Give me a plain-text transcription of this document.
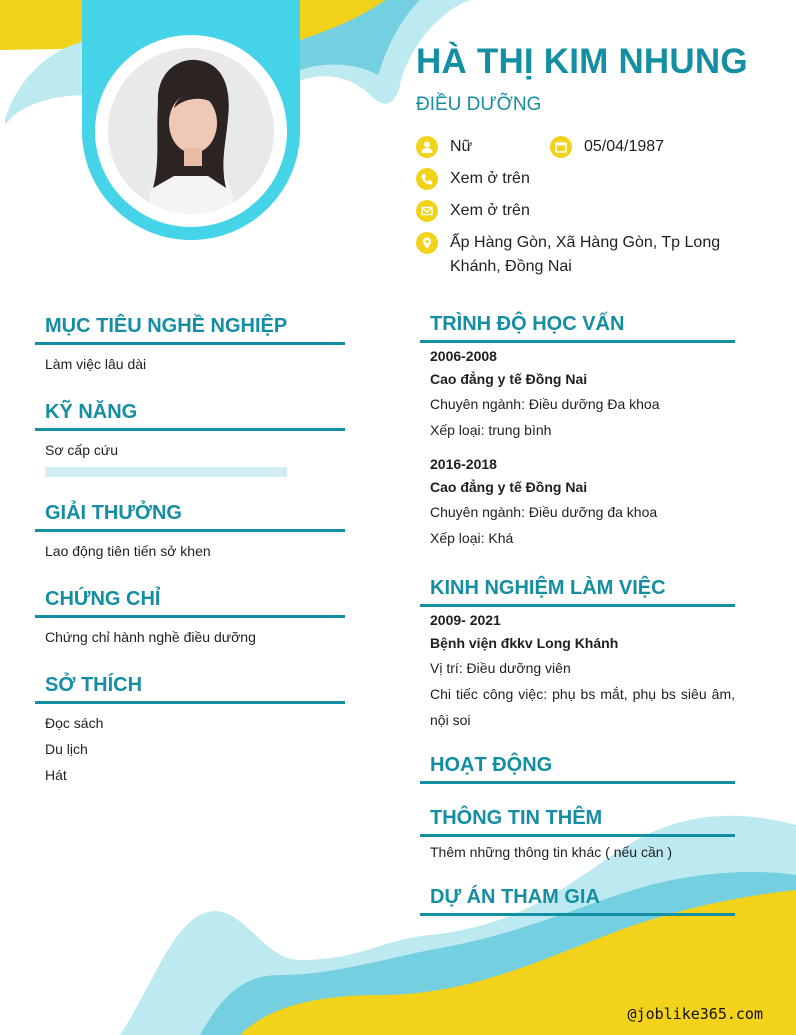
HÀ THỊ KIM NHUNG
ĐIỀU DƯỠNG
Nữ	05/04/1987
Xem ở trên
Xem ở trên
Ấp Hàng Gòn, Xã Hàng Gòn, Tp Long Khánh, Đồng Nai
MỤC TIÊU NGHỀ NGHIỆP
Làm việc lâu dài
KỸ NĂNG
Sơ cấp cứu
GIẢI THƯỞNG
Lao động tiên tiến sở khen
CHỨNG CHỈ
Chứng chỉ hành nghề điều dưỡng
SỞ THÍCH
Đọc sách
Du lịch
Hát
TRÌNH ĐỘ HỌC VẤN
2006-2008
Cao đẳng y tế Đồng Nai
Chuyên ngành: Điều dưỡng Đa khoa
Xếp loại: trung bình
2016-2018
Cao đẳng y tế Đồng Nai
Chuyên ngành: Điều dưỡng đa khoa
Xếp loại: Khá
KINH NGHIỆM LÀM VIỆC
2009- 2021
Bệnh viện đkkv Long Khánh
Vị trí: Điều dưỡng viên
Chi tiếc công việc: phụ bs mắt, phụ bs siêu âm, nội soi
HOẠT ĐỘNG
THÔNG TIN THÊM
Thêm những thông tin khác ( nếu cần )
DỰ ÁN THAM GIA
@joblike365.com
